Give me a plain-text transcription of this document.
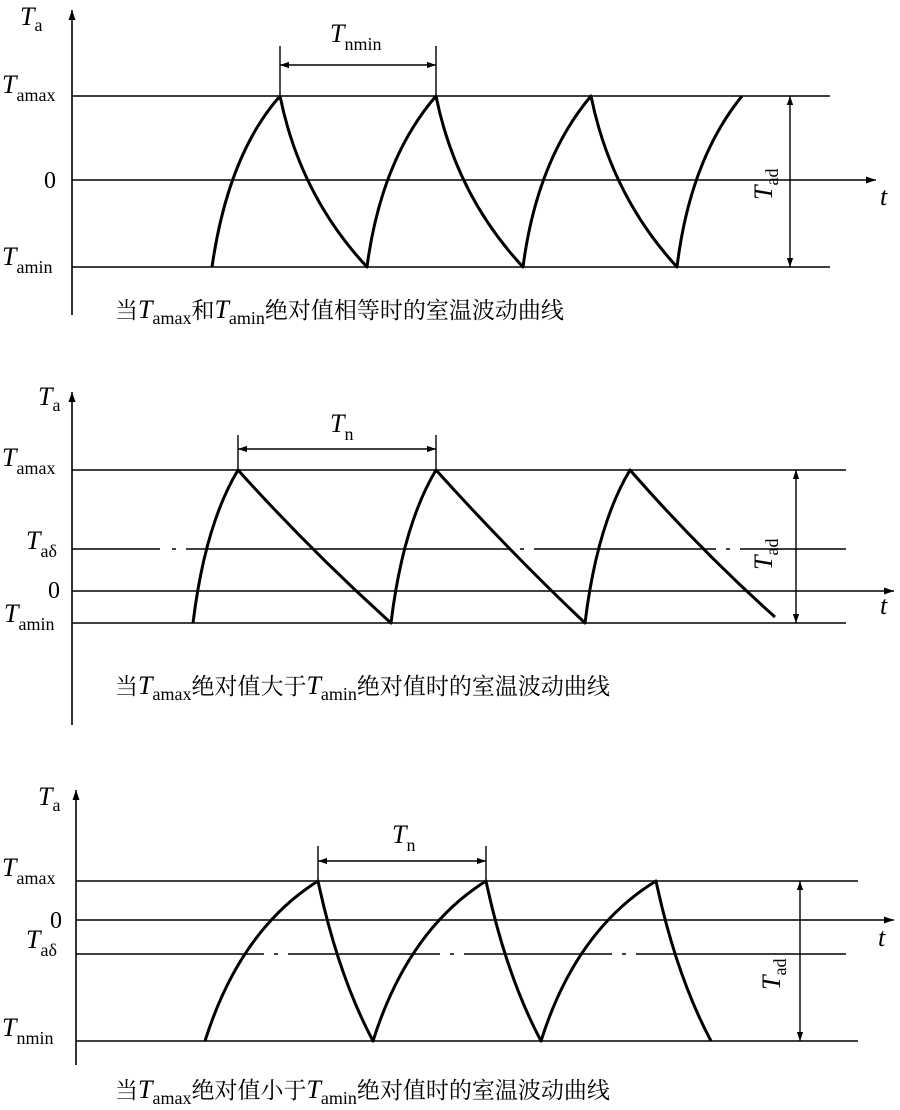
Ta
Tamax
0
Tamin
t
Tnmin
Tad
当Tamax和Tamin绝对值相等时的室温波动曲线
Ta
Tamax
Taδ
0
Tamin
t
Tn
Tad
当Tamax绝对值大于Tamin绝对值时的室温波动曲线
Ta
Tamax
0
Taδ
Tnmin
t
Tn
Tad
当Tamax绝对值小于Tamin绝对值时的室温波动曲线
